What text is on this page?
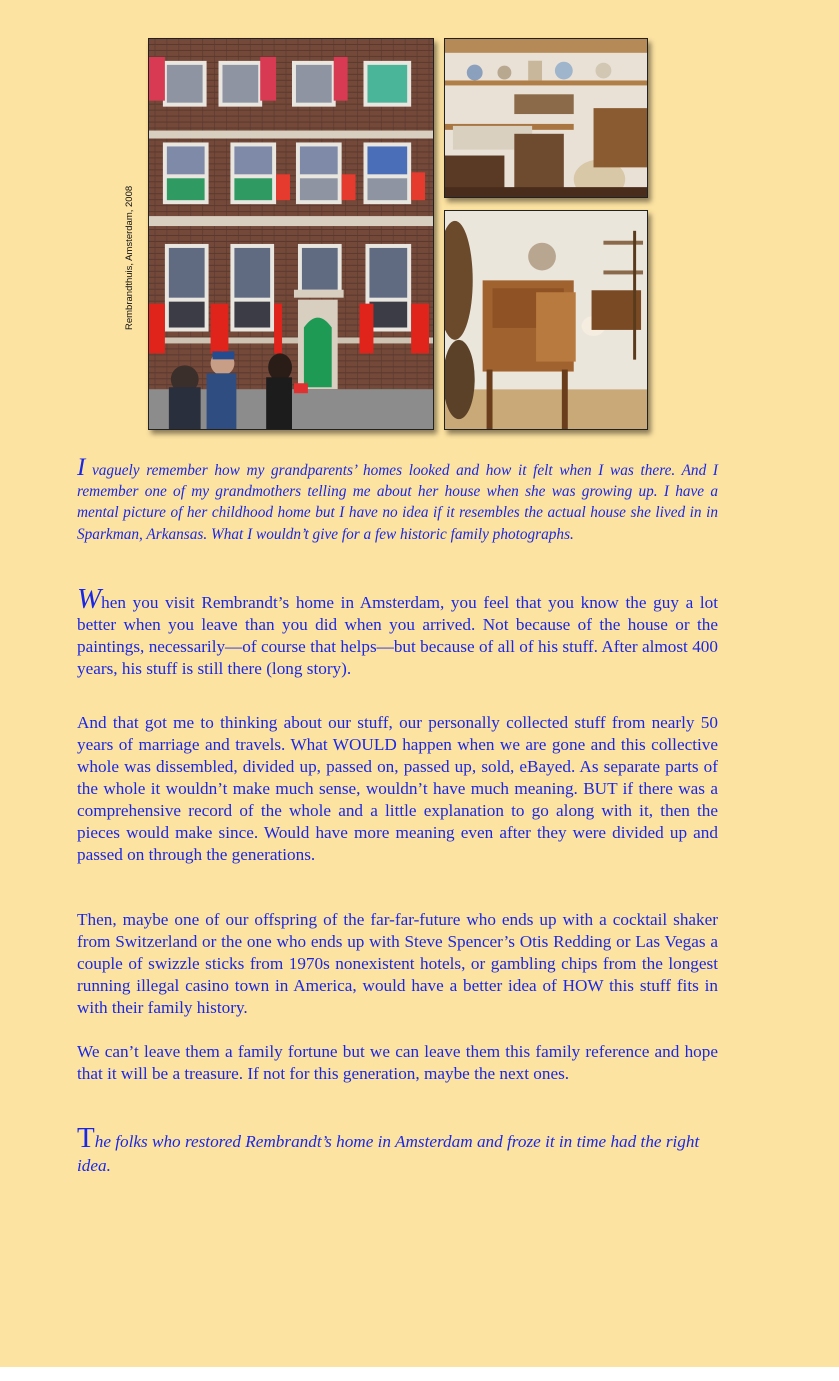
Rembrandthuis, Amsterdam, 2008

I vaguely remember how my grandparents’ homes looked and how it felt when I was there. And I remember one of my grandmothers telling me about her house when she was growing up. I have a mental picture of her childhood home but I have no idea if it resembles the actual house she lived in in Sparkman, Arkansas. What I wouldn’t give for a few historic family photographs.

When you visit Rembrandt’s home in Amsterdam, you feel that you know the guy a lot better when you leave than you did when you arrived. Not because of the house or the paintings, necessarily—of course that helps—but because of all of his stuff. After almost 400 years, his stuff is still there (long story).

And that got me to thinking about our stuff, our personally collected stuff from nearly 50 years of marriage and travels. What WOULD happen when we are gone and this collective whole was dissembled, divided up, passed on, passed up, sold, eBayed. As separate parts of the whole it wouldn’t make much sense, wouldn’t have much meaning. BUT if there was a comprehensive record of the whole and a little explanation to go along with it, then the pieces would make since. Would have more meaning even after they were divided up and passed on through the generations.

Then, maybe one of our offspring of the far-far-future who ends up with a cocktail shaker from Switzerland or the one who ends up with Steve Spencer’s Otis Redding or Las Vegas a couple of swizzle sticks from 1970s nonexistent hotels, or gambling chips from the longest running illegal casino town in America, would have a better idea of HOW this stuff fits in with their family history.

We can’t leave them a family fortune but we can leave them this family reference and hope that it will be a treasure. If not for this generation, maybe the next ones.

The folks who restored Rembrandt’s home in Amsterdam and froze it in time had the right idea.
